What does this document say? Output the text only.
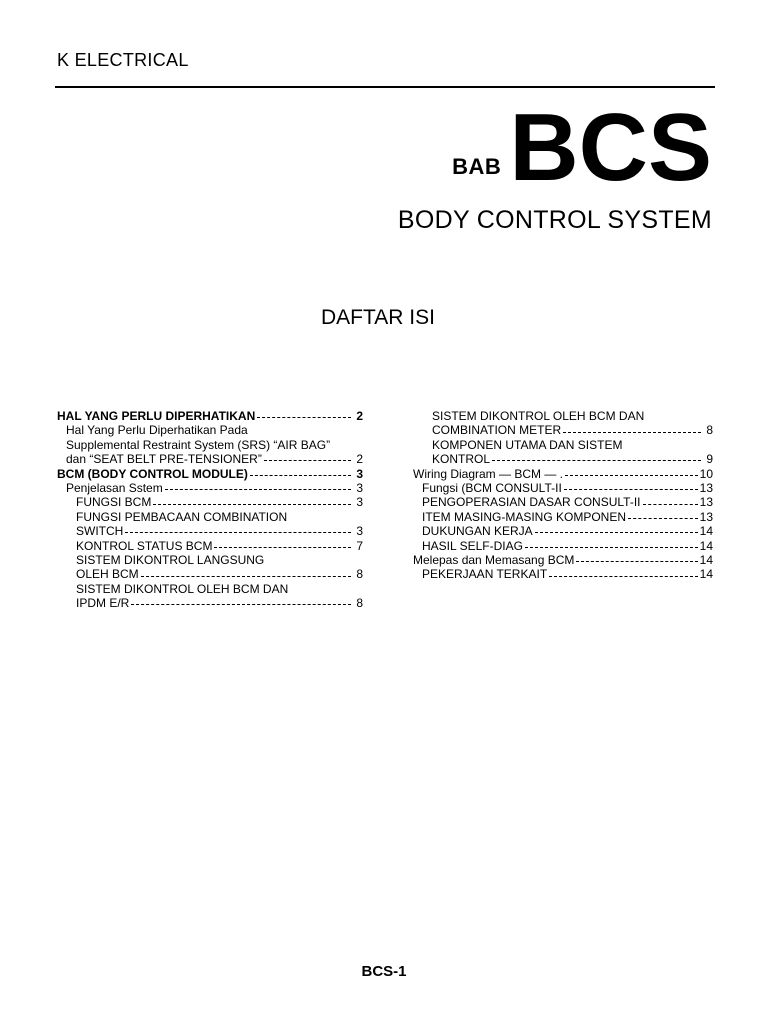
K ELECTRICAL
BAB BCS
BODY CONTROL SYSTEM
DAFTAR ISI
HAL YANG PERLU DIPERHATIKAN	2
Hal Yang Perlu Diperhatikan Pada
Supplemental Restraint System (SRS) “AIR BAG”
dan “SEAT BELT PRE-TENSIONER”	2
BCM (BODY CONTROL MODULE)	3
Penjelasan Sstem	3
FUNGSI BCM	3
FUNGSI PEMBACAAN COMBINATION
SWITCH	3
KONTROL STATUS BCM	7
SISTEM DIKONTROL LANGSUNG
OLEH BCM	8
SISTEM DIKONTROL OLEH BCM DAN
IPDM E/R	8
SISTEM DIKONTROL OLEH BCM DAN
COMBINATION METER	8
KOMPONEN UTAMA DAN SISTEM
KONTROL	9
Wiring Diagram — BCM — .	10
Fungsi (BCM CONSULT-II	13
PENGOPERASIAN DASAR CONSULT-II	13
ITEM MASING-MASING KOMPONEN	13
DUKUNGAN KERJA	14
HASIL SELF-DIAG	14
Melepas dan Memasang BCM	14
PEKERJAAN TERKAIT	14
BCS-1
